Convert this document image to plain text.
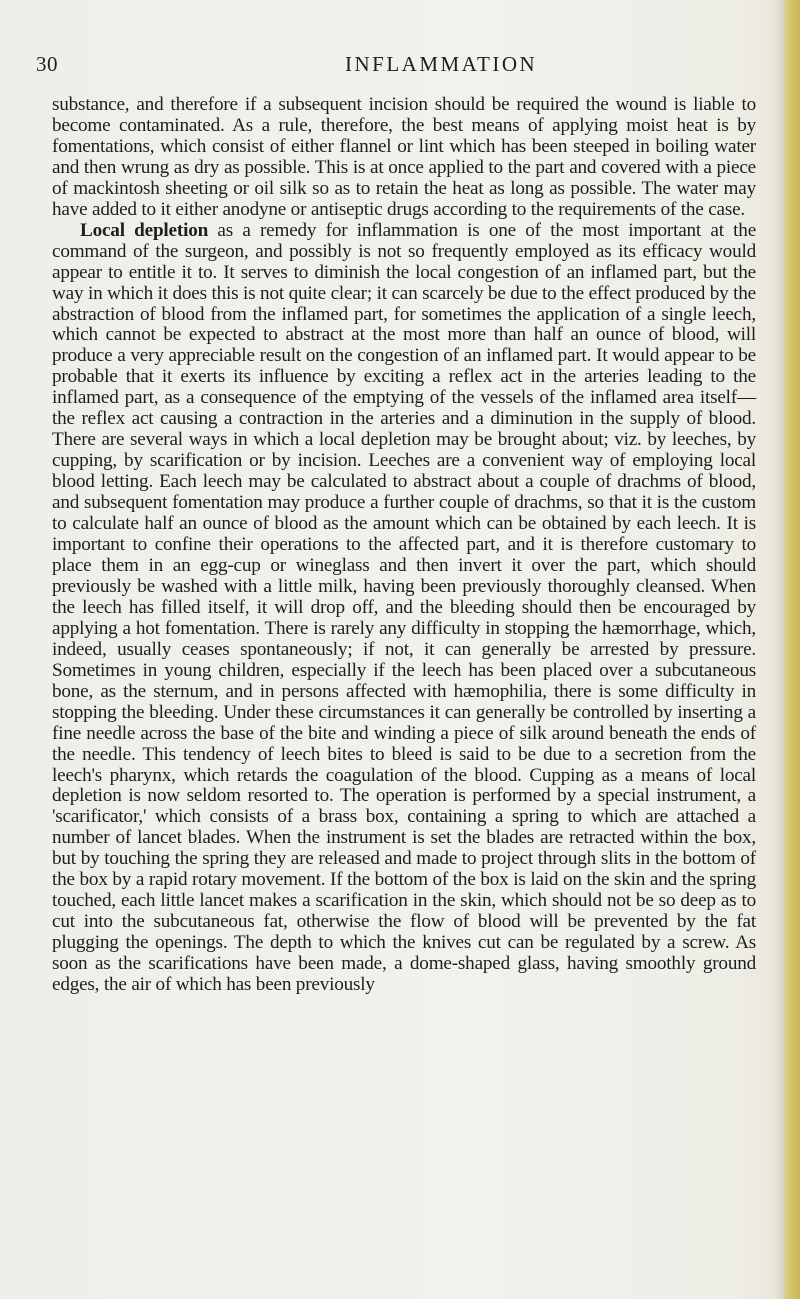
30	INFLAMMATION

substance, and therefore if a subsequent incision should be required the wound is liable to become contaminated. As a rule, therefore, the best means of applying moist heat is by fomentations, which consist of either flannel or lint which has been steeped in boiling water and then wrung as dry as possible. This is at once applied to the part and covered with a piece of mackintosh sheeting or oil silk so as to retain the heat as long as possible. The water may have added to it either anodyne or antiseptic drugs according to the requirements of the case.

Local depletion as a remedy for inflammation is one of the most important at the command of the surgeon, and possibly is not so frequently employed as its efficacy would appear to entitle it to. It serves to diminish the local congestion of an inflamed part, but the way in which it does this is not quite clear; it can scarcely be due to the effect produced by the abstraction of blood from the inflamed part, for sometimes the application of a single leech, which cannot be expected to abstract at the most more than half an ounce of blood, will produce a very appreciable result on the congestion of an inflamed part. It would appear to be probable that it exerts its influence by exciting a reflex act in the arteries leading to the inflamed part, as a consequence of the emptying of the vessels of the inflamed area itself—the reflex act causing a contraction in the arteries and a diminution in the supply of blood. There are several ways in which a local depletion may be brought about; viz. by leeches, by cupping, by scarification or by incision. Leeches are a convenient way of employing local blood letting. Each leech may be calculated to abstract about a couple of drachms of blood, and subsequent fomentation may produce a further couple of drachms, so that it is the custom to calculate half an ounce of blood as the amount which can be obtained by each leech. It is important to confine their operations to the affected part, and it is therefore customary to place them in an egg-cup or wineglass and then invert it over the part, which should previously be washed with a little milk, having been previously thoroughly cleansed. When the leech has filled itself, it will drop off, and the bleeding should then be encouraged by applying a hot fomentation. There is rarely any difficulty in stopping the hæmorrhage, which, indeed, usually ceases spontaneously; if not, it can generally be arrested by pressure. Sometimes in young children, especially if the leech has been placed over a subcutaneous bone, as the sternum, and in persons affected with hæmophilia, there is some difficulty in stopping the bleeding. Under these circumstances it can generally be controlled by inserting a fine needle across the base of the bite and winding a piece of silk around beneath the ends of the needle. This tendency of leech bites to bleed is said to be due to a secretion from the leech's pharynx, which retards the coagulation of the blood. Cupping as a means of local depletion is now seldom resorted to. The operation is performed by a special instrument, a 'scarificator,' which consists of a brass box, containing a spring to which are attached a number of lancet blades. When the instrument is set the blades are retracted within the box, but by touching the spring they are released and made to project through slits in the bottom of the box by a rapid rotary movement. If the bottom of the box is laid on the skin and the spring touched, each little lancet makes a scarification in the skin, which should not be so deep as to cut into the subcutaneous fat, otherwise the flow of blood will be prevented by the fat plugging the openings. The depth to which the knives cut can be regulated by a screw. As soon as the scarifications have been made, a dome-shaped glass, having smoothly ground edges, the air of which has been previously
